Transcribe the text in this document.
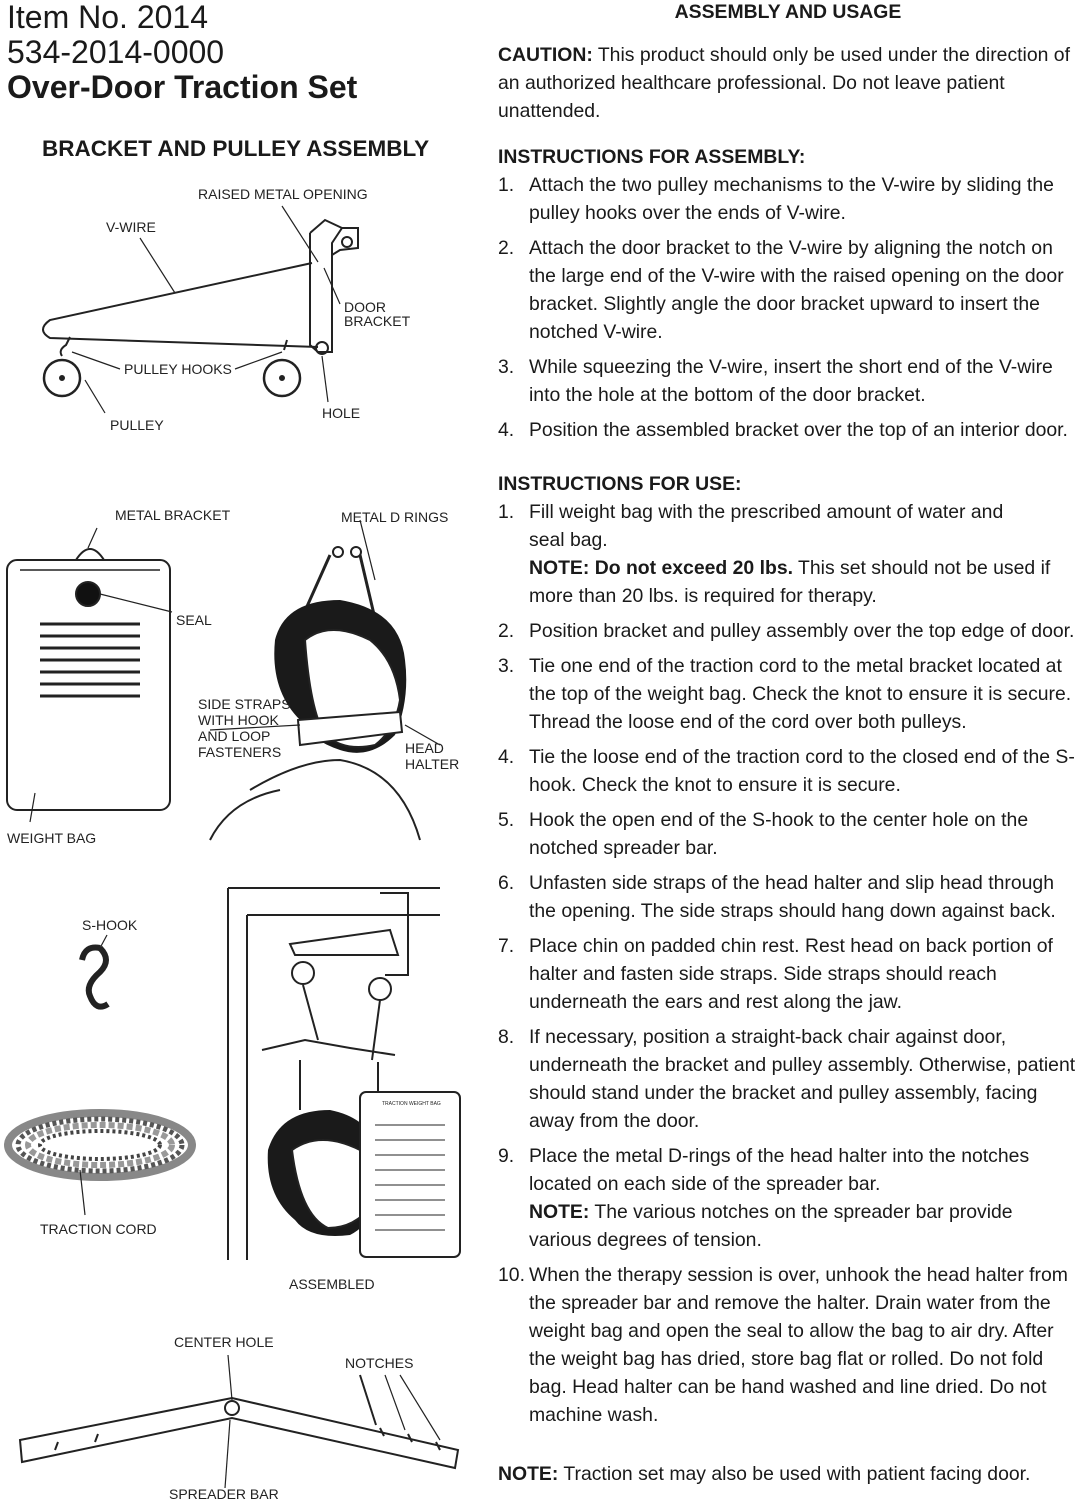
Item No. 2014
534-2014-0000
Over-Door Traction Set
BRACKET AND PULLEY ASSEMBLY
RAISED METAL OPENING
V-WIRE
DOOR
BRACKET
PULLEY HOOKS
HOLE
PULLEY
METAL BRACKET	METAL D RINGS
SEAL
SIDE STRAPS
WITH HOOK
AND LOOP
FASTENERS	HEAD
HALTER
WEIGHT BAG
S-HOOK
TRACTION CORD
TRACTION WEIGHT BAG
ASSEMBLED
CENTER HOLE
NOTCHES
SPREADER BAR
ASSEMBLY AND USAGE

CAUTION: This product should only be used under the direction of an authorized healthcare professional. Do not leave patient unattended.

INSTRUCTIONS FOR ASSEMBLY:

1. Attach the two pulley mechanisms to the V-wire by sliding the pulley hooks over the ends of V-wire.
2. Attach the door bracket to the V-wire by aligning the notch on the large end of the V-wire with the raised opening on the door bracket. Slightly angle the door bracket upward to insert the notched V-wire.
3. While squeezing the V-wire, insert the short end of the V-wire into the hole at the bottom of the door bracket.
4. Position the assembled bracket over the top of an interior door.

INSTRUCTIONS FOR USE:

1. Fill weight bag with the prescribed amount of water and seal bag.
NOTE: Do not exceed 20 lbs. This set should not be used if more than 20 lbs. is required for therapy.
2. Position bracket and pulley assembly over the top edge of door.
3. Tie one end of the traction cord to the metal bracket located at the top of the weight bag. Check the knot to ensure it is secure. Thread the loose end of the cord over both pulleys.
4. Tie the loose end of the traction cord to the closed end of the S-hook. Check the knot to ensure it is secure.
5. Hook the open end of the S-hook to the center hole on the notched spreader bar.
6. Unfasten side straps of the head halter and slip head through the opening. The side straps should hang down against back.
7. Place chin on padded chin rest. Rest head on back portion of halter and fasten side straps. Side straps should reach underneath the ears and rest along the jaw.
8. If necessary, position a straight-back chair against door, underneath the bracket and pulley assembly. Otherwise, patient should stand under the bracket and pulley assembly, facing away from the door.
9. Place the metal D-rings of the head halter into the notches located on each side of the spreader bar.
NOTE: The various notches on the spreader bar provide various degrees of tension.
10. When the therapy session is over, unhook the head halter from the spreader bar and remove the halter. Drain water from the weight bag and open the seal to allow the bag to air dry. After the weight bag has dried, store bag flat or rolled. Do not fold bag. Head halter can be hand washed and line dried. Do not machine wash.

NOTE: Traction set may also be used with patient facing door.
